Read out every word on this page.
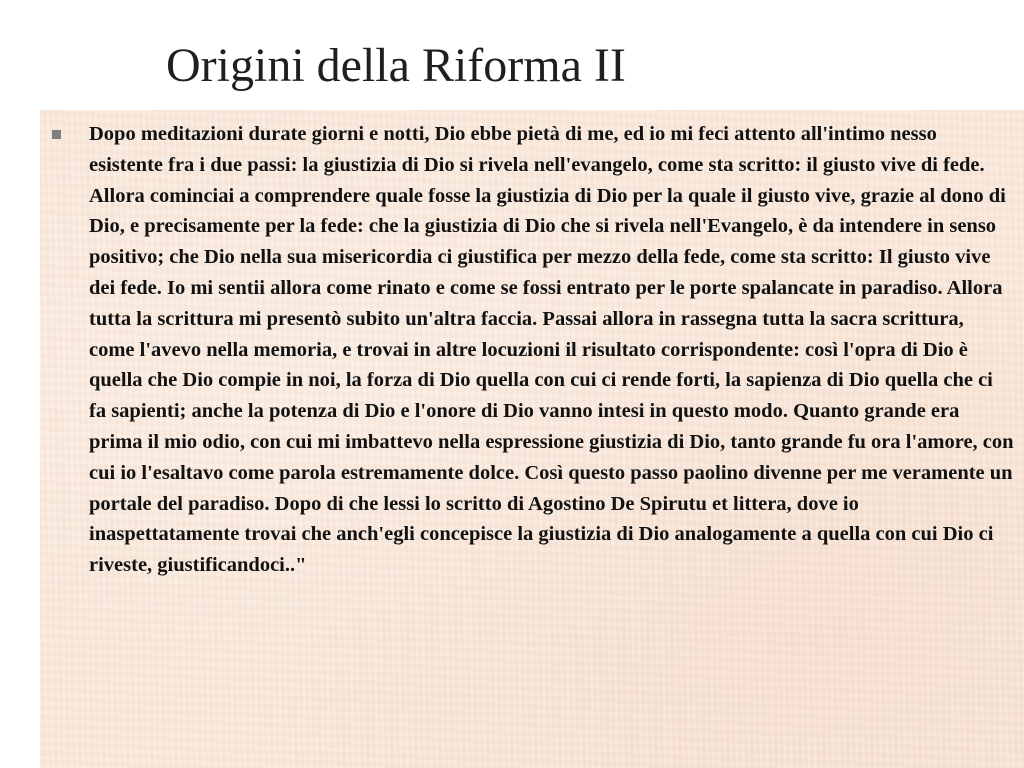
Origini della Riforma II

Dopo meditazioni durate giorni e notti, Dio ebbe pietà di me, ed io mi feci attento all'intimo nesso esistente fra i due passi: la giustizia di Dio si rivela nell'evangelo, come sta scritto: il giusto vive di fede. Allora cominciai a comprendere quale fosse la giustizia di Dio per la quale il giusto vive, grazie al dono di Dio, e precisamente per la fede: che la giustizia di Dio che si rivela nell'Evangelo, è da intendere in senso positivo; che Dio nella sua misericordia ci giustifica per mezzo della fede, come sta scritto: Il giusto vive dei fede. Io mi sentii allora come rinato e come se fossi entrato per le porte spalancate in paradiso. Allora tutta la scrittura mi presentò subito un'altra faccia. Passai allora in rassegna tutta la sacra scrittura, come l'avevo nella memoria, e trovai in altre locuzioni il risultato corrispondente: così l'opra di Dio è quella che Dio compie in noi, la forza di Dio quella con cui ci rende forti, la sapienza di Dio quella che ci fa sapienti; anche la potenza di Dio e l'onore di Dio vanno intesi in questo modo. Quanto grande era prima il mio odio, con cui mi imbattevo nella espressione giustizia di Dio, tanto grande fu ora l'amore, con cui io l'esaltavo come parola estremamente dolce. Così questo passo paolino divenne per me veramente un portale del paradiso. Dopo di che lessi lo scritto di Agostino De Spirutu et littera, dove io inaspettatamente trovai che anch'egli concepisce la giustizia di Dio analogamente a quella con cui Dio ci riveste, giustificandoci.."
